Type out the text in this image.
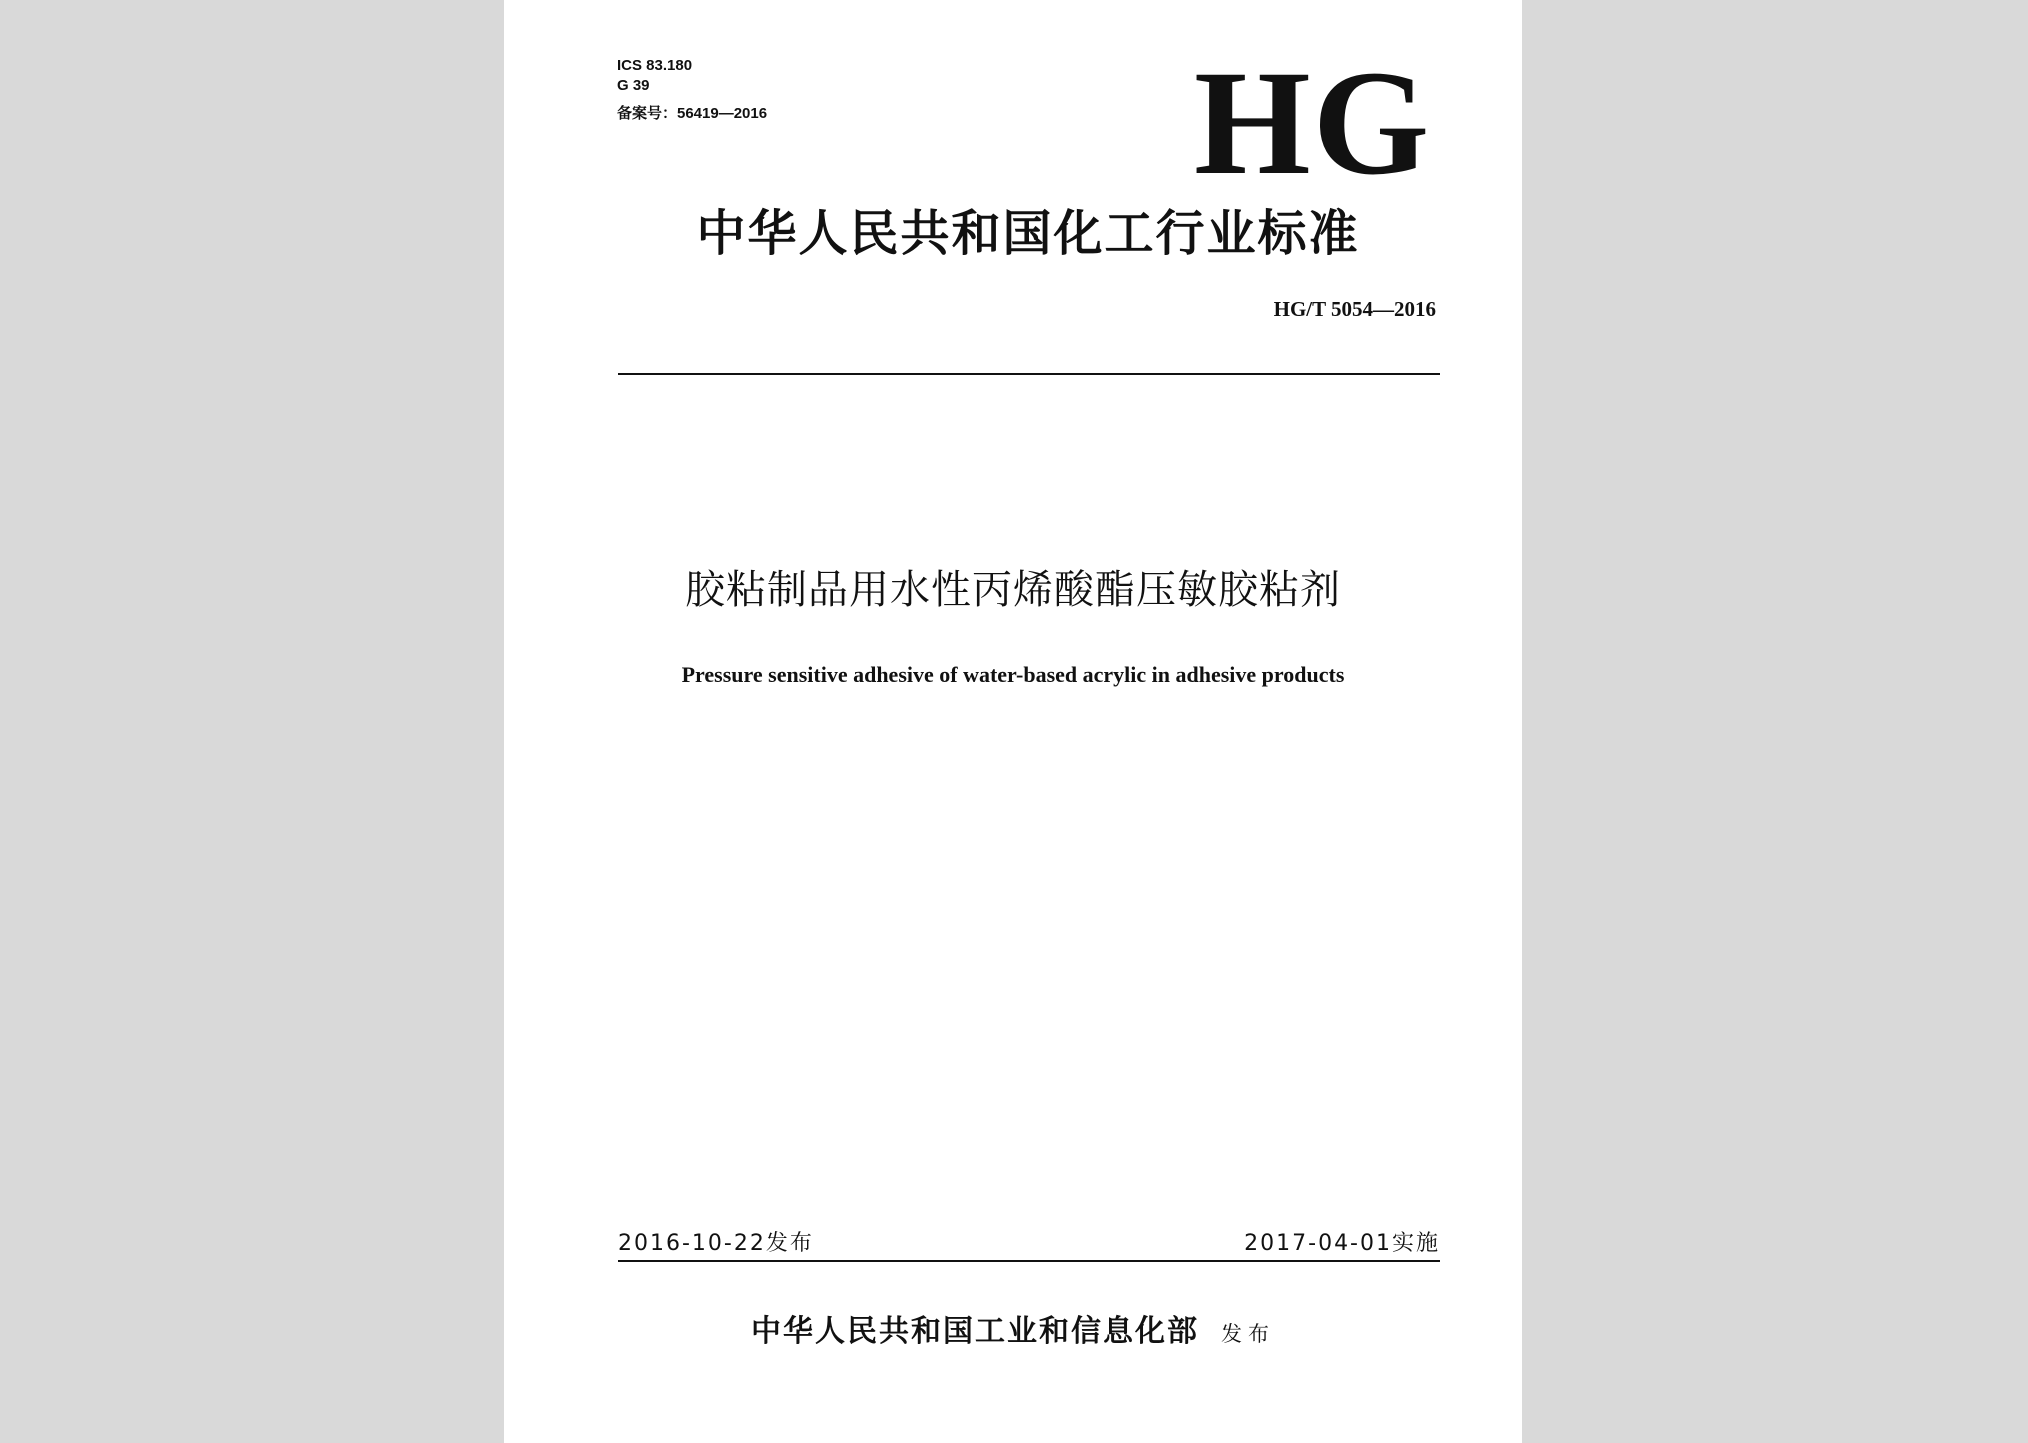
ICS 83.180
G 39
备案号：56419—2016	HG
中华人民共和国化工行业标准
HG/T 5054—2016
胶粘制品用水性丙烯酸酯压敏胶粘剂
Pressure sensitive adhesive of water-based acrylic in adhesive products
2016-10-22发布	2017-04-01实施
中华人民共和国工业和信息化部 发布
